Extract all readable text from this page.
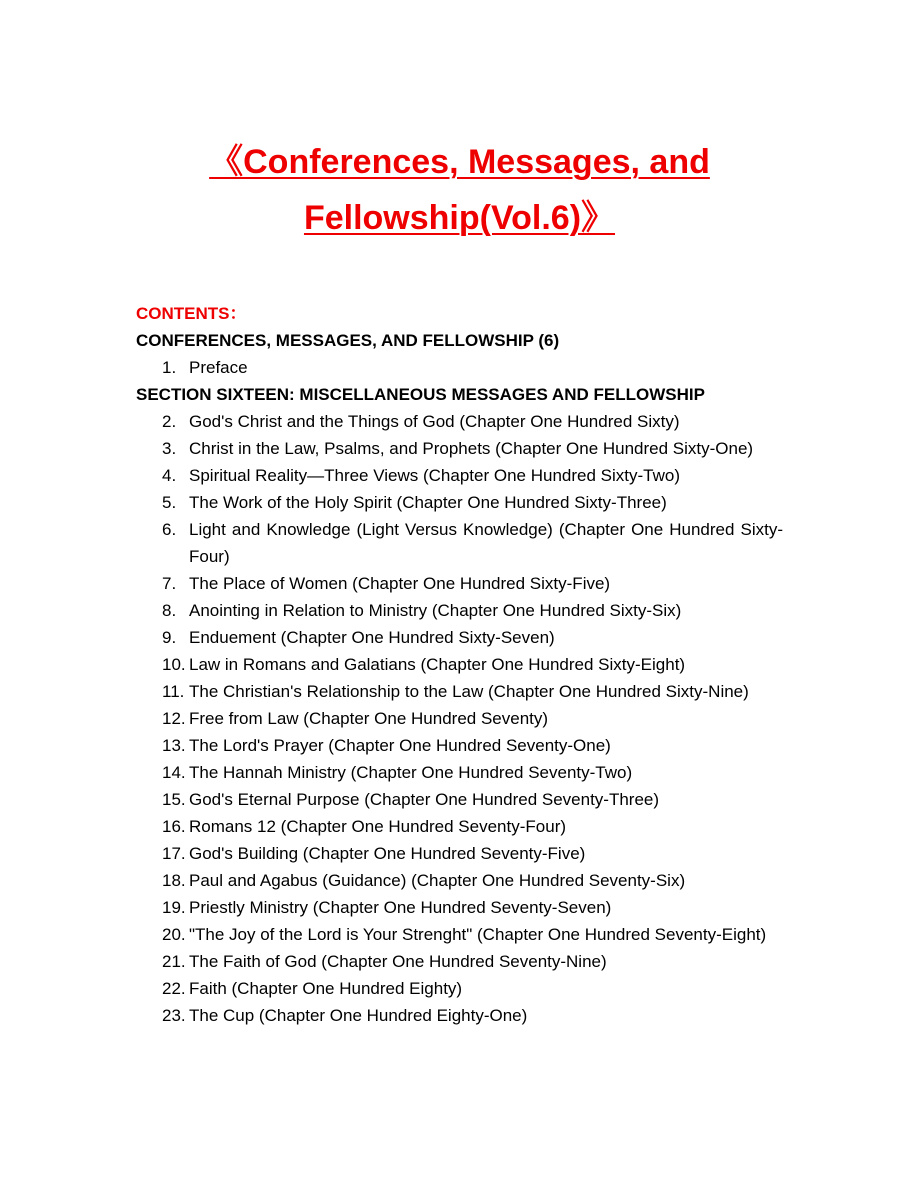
《Conferences, Messages, and Fellowship(Vol.6)》

CONTENTS：

CONFERENCES, MESSAGES, AND FELLOWSHIP (6)

1. Preface

SECTION SIXTEEN: MISCELLANEOUS MESSAGES AND FELLOWSHIP

2. God's Christ and the Things of God (Chapter One Hundred Sixty)
3. Christ in the Law, Psalms, and Prophets (Chapter One Hundred Sixty-One)
4. Spiritual Reality—Three Views (Chapter One Hundred Sixty-Two)
5. The Work of the Holy Spirit (Chapter One Hundred Sixty-Three)
6. Light and Knowledge (Light Versus Knowledge) (Chapter One Hundred Sixty-Four)
7. The Place of Women (Chapter One Hundred Sixty-Five)
8. Anointing in Relation to Ministry (Chapter One Hundred Sixty-Six)
9. Enduement (Chapter One Hundred Sixty-Seven)
10. Law in Romans and Galatians (Chapter One Hundred Sixty-Eight)
11. The Christian's Relationship to the Law (Chapter One Hundred Sixty-Nine)
12. Free from Law (Chapter One Hundred Seventy)
13. The Lord's Prayer (Chapter One Hundred Seventy-One)
14. The Hannah Ministry (Chapter One Hundred Seventy-Two)
15. God's Eternal Purpose (Chapter One Hundred Seventy-Three)
16. Romans 12 (Chapter One Hundred Seventy-Four)
17. God's Building (Chapter One Hundred Seventy-Five)
18. Paul and Agabus (Guidance) (Chapter One Hundred Seventy-Six)
19. Priestly Ministry (Chapter One Hundred Seventy-Seven)
20. "The Joy of the Lord is Your Strenght" (Chapter One Hundred Seventy-Eight)
21. The Faith of God (Chapter One Hundred Seventy-Nine)
22. Faith (Chapter One Hundred Eighty)
23. The Cup (Chapter One Hundred Eighty-One)
